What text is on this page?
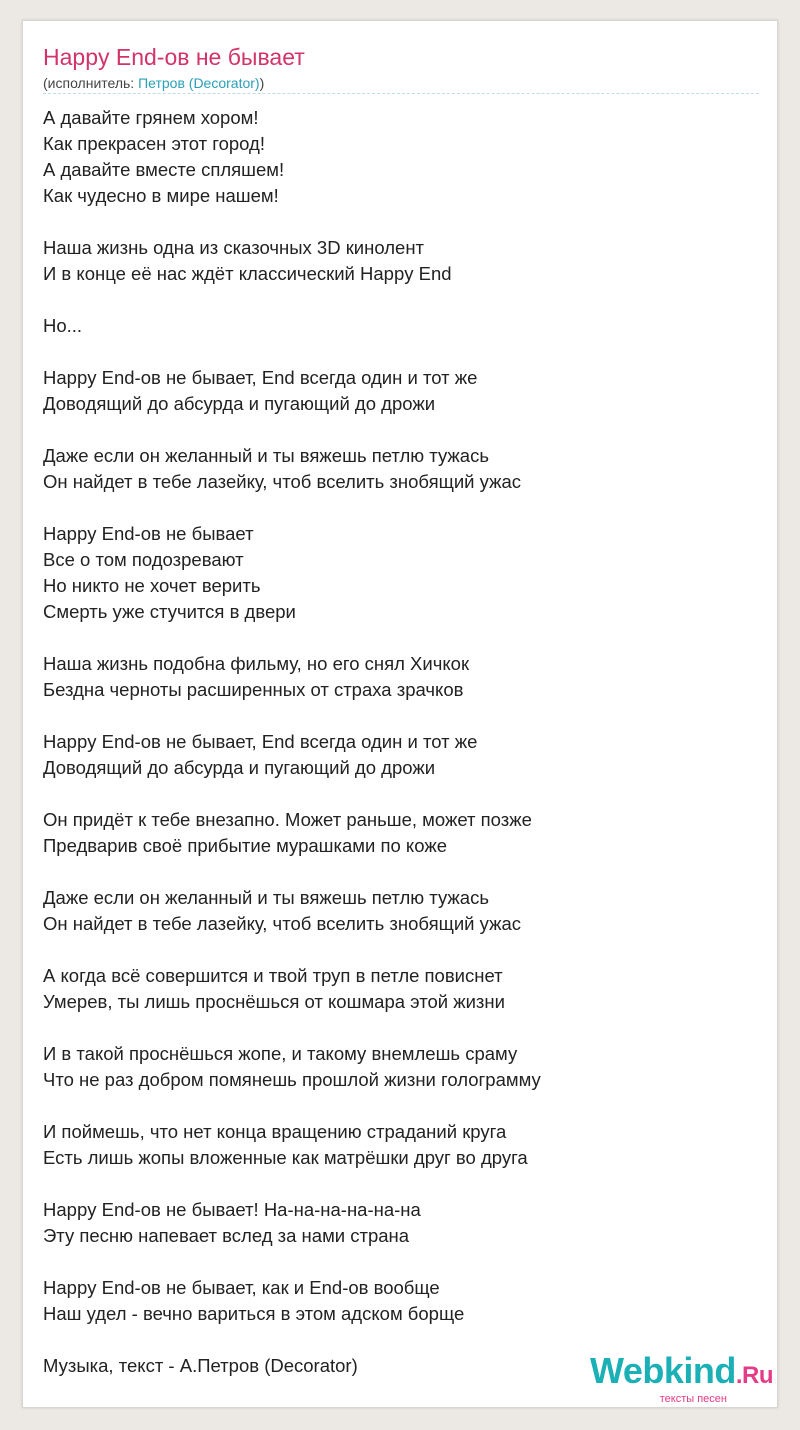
Happy End-ов не бывает
(исполнитель: Петров (Decorator))
А давайте грянем хором!
Как прекрасен этот город!
А давайте вместе спляшем!
Как чудесно в мире нашем!
Наша жизнь одна из сказочных 3D кинолент
И в конце её нас ждёт классический Happy End
Но...
Happy End-ов не бывает, End всегда один и тот же
Доводящий до абсурда и пугающий до дрожи
Даже если он желанный и ты вяжешь петлю тужась
Он найдет в тебе лазейку, чтоб вселить знобящий ужас
Happy End-ов не бывает
Все о том подозревают
Но никто не хочет верить
Смерть уже стучится в двери
Наша жизнь подобна фильму, но его снял Хичкок
Бездна черноты расширенных от страха зрачков
Happy End-ов не бывает, End всегда один и тот же
Доводящий до абсурда и пугающий до дрожи
Он придёт к тебе внезапно. Может раньше, может позже
Предварив своё прибытие мурашками по коже
Даже если он желанный и ты вяжешь петлю тужась
Он найдет в тебе лазейку, чтоб вселить знобящий ужас
А когда всё совершится и твой труп в петле повиснет
Умерев, ты лишь проснёшься от кошмара этой жизни
И в такой проснёшься жопе, и такому внемлешь сраму
Что не раз добром помянешь прошлой жизни голограмму
И поймешь, что нет конца вращению страданий круга
Есть лишь жопы вложенные как матрёшки друг во друга
Happy End-ов не бывает! На-на-на-на-на-на
Эту песню напевает вслед за нами страна
Happy End-ов не бывает, как и End-ов вообще
Наш удел - вечно вариться в этом адском борще
Музыка, текст - А.Петров (Decorator)	Webkind.Ru
тексты песен
